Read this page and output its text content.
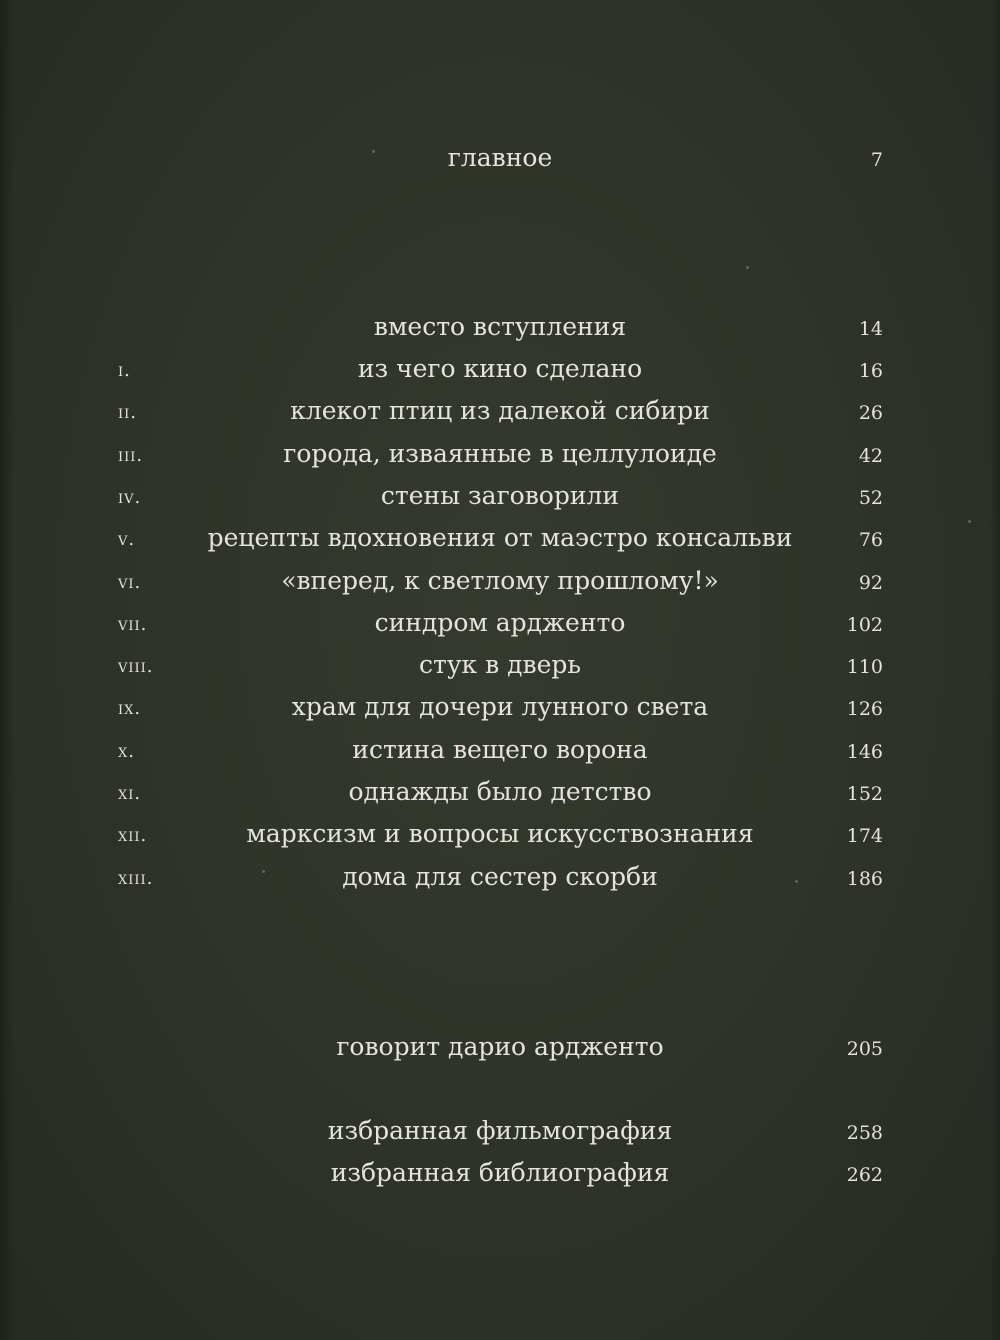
главное	7
вместо вступления	14
i.	из чего кино сделано	16
ii.	клекот птиц из далекой сибири	26
iii.	города, изваянные в целлулоиде	42
iv.	стены заговорили	52
v.	рецепты вдохновения от маэстро консальви	76
vi.	«вперед, к светлому прошлому!»	92
vii.	синдром ардженто	102
viii.	стук в дверь	110
ix.	храм для дочери лунного света	126
x.	истина вещего ворона	146
xi.	однажды было детство	152
xii.	марксизм и вопросы искусствознания	174
xiii.	дома для сестер скорби	186
говорит дарио ардженто	205
избранная фильмография	258
избранная библиография	262
